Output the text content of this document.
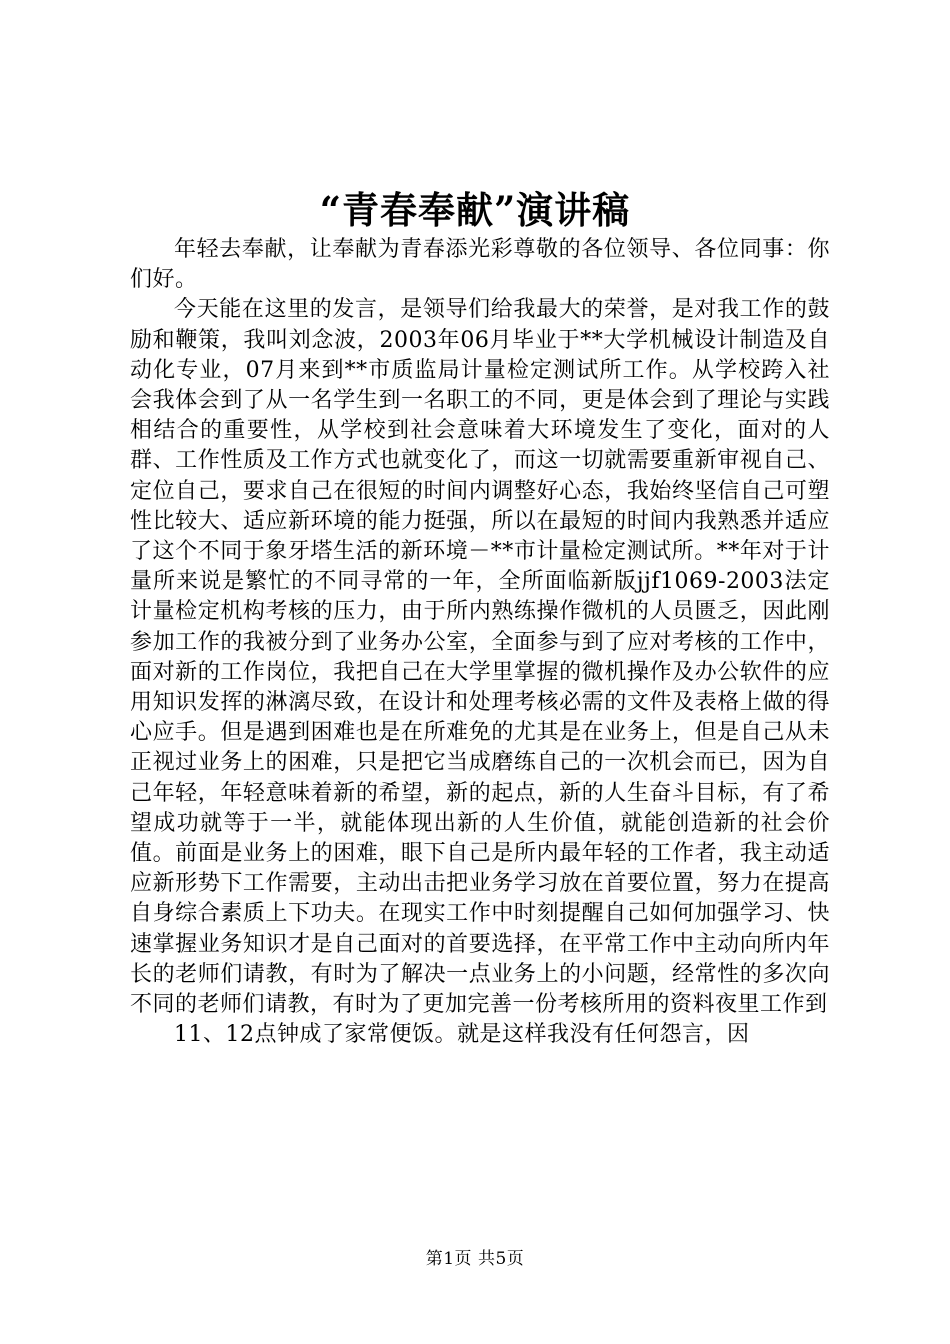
“青春奉献”演讲稿

年轻去奉献，让奉献为青春添光彩尊敬的各位领导、各位同事：你们好。

今天能在这里的发言，是领导们给我最大的荣誉，是对我工作的鼓励和鞭策，我叫刘念波，2003年06月毕业于**大学机械设计制造及自动化专业，07月来到**市质监局计量检定测试所工作。从学校跨入社会我体会到了从一名学生到一名职工的不同，更是体会到了理论与实践相结合的重要性，从学校到社会意味着大环境发生了变化，面对的人群、工作性质及工作方式也就变化了，而这一切就需要重新审视自己、定位自己，要求自己在很短的时间内调整好心态，我始终坚信自己可塑性比较大、适应新环境的能力挺强，所以在最短的时间内我熟悉并适应了这个不同于象牙塔生活的新环境－**市计量检定测试所。**年对于计量所来说是繁忙的不同寻常的一年，全所面临新版jjf1069-2003法定计量检定机构考核的压力，由于所内熟练操作微机的人员匮乏，因此刚参加工作的我被分到了业务办公室，全面参与到了应对考核的工作中，面对新的工作岗位，我把自己在大学里掌握的微机操作及办公软件的应用知识发挥的淋漓尽致，在设计和处理考核必需的文件及表格上做的得心应手。但是遇到困难也是在所难免的尤其是在业务上，但是自己从未正视过业务上的困难，只是把它当成磨练自己的一次机会而已，因为自己年轻，年轻意味着新的希望，新的起点，新的人生奋斗目标，有了希望成功就等于一半，就能体现出新的人生价值，就能创造新的社会价值。前面是业务上的困难，眼下自己是所内最年轻的工作者，我主动适应新形势下工作需要，主动出击把业务学习放在首要位置，努力在提高自身综合素质上下功夫。在现实工作中时刻提醒自己如何加强学习、快速掌握业务知识才是自己面对的首要选择，在平常工作中主动向所内年长的老师们请教，有时为了解决一点业务上的小问题，经常性的多次向不同的老师们请教，有时为了更加完善一份考核所用的资料夜里工作到

11、12点钟成了家常便饭。就是这样我没有任何怨言，因

第1页 共5页
